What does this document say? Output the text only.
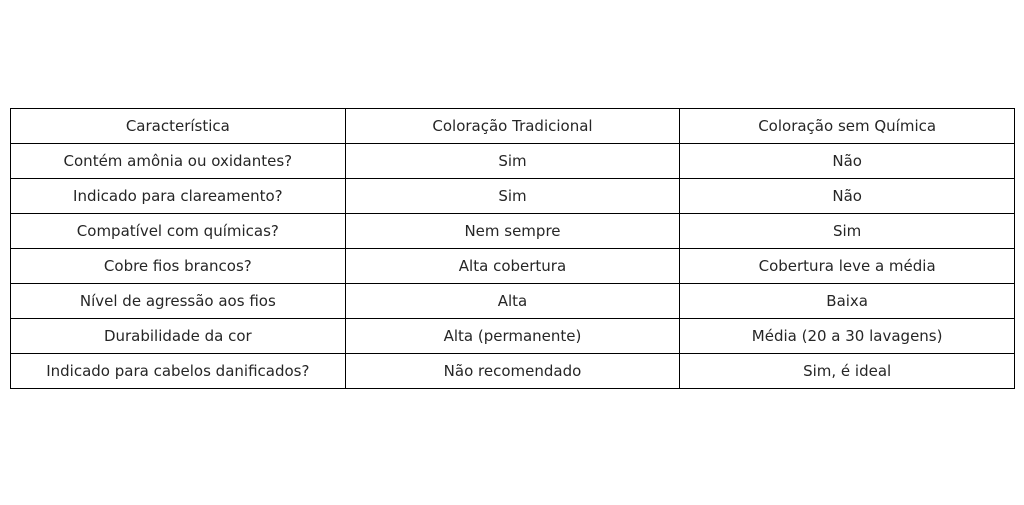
Característica	Coloração Tradicional	Coloração sem Química
Contém amônia ou oxidantes?	Sim	Não
Indicado para clareamento?	Sim	Não
Compatível com químicas?	Nem sempre	Sim
Cobre fios brancos?	Alta cobertura	Cobertura leve a média
Nível de agressão aos fios	Alta	Baixa
Durabilidade da cor	Alta (permanente)	Média (20 a 30 lavagens)
Indicado para cabelos danificados?	Não recomendado	Sim, é ideal
